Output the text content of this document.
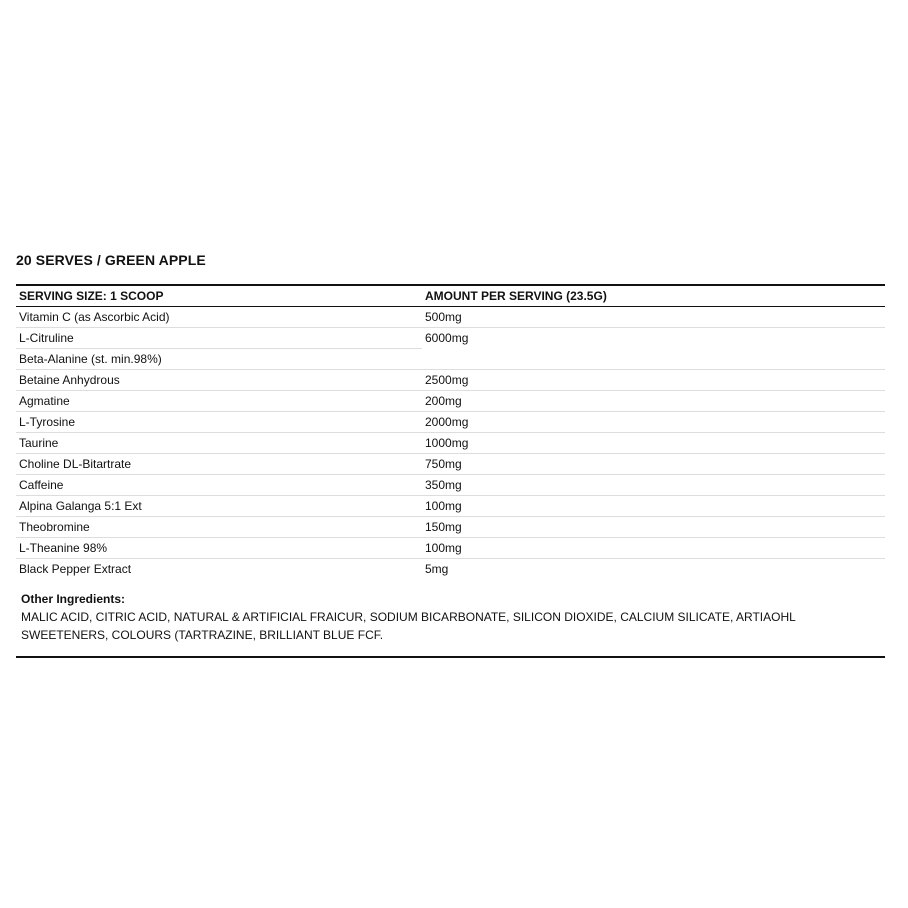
20 SERVES / GREEN APPLE
SERVING SIZE: 1 SCOOP	AMOUNT PER SERVING (23.5G)
Vitamin C (as Ascorbic Acid)	500mg
L-Citruline	6000mg
Beta-Alanine (st. min.98%)	
Betaine Anhydrous	2500mg
Agmatine	200mg
L-Tyrosine	2000mg
Taurine	1000mg
Choline DL-Bitartrate	750mg
Caffeine	350mg
Alpina Galanga 5:1 Ext	100mg
Theobromine	150mg
L-Theanine 98%	100mg
Black Pepper Extract	5mg
Other Ingredients:
MALIC ACID, CITRIC ACID, NATURAL & ARTIFICIAL FRAICUR, SODIUM BICARBONATE, SILICON DIOXIDE, CALCIUM SILICATE, ARTIAOHL SWEETENERS, COLOURS (TARTRAZINE, BRILLIANT BLUE FCF.
